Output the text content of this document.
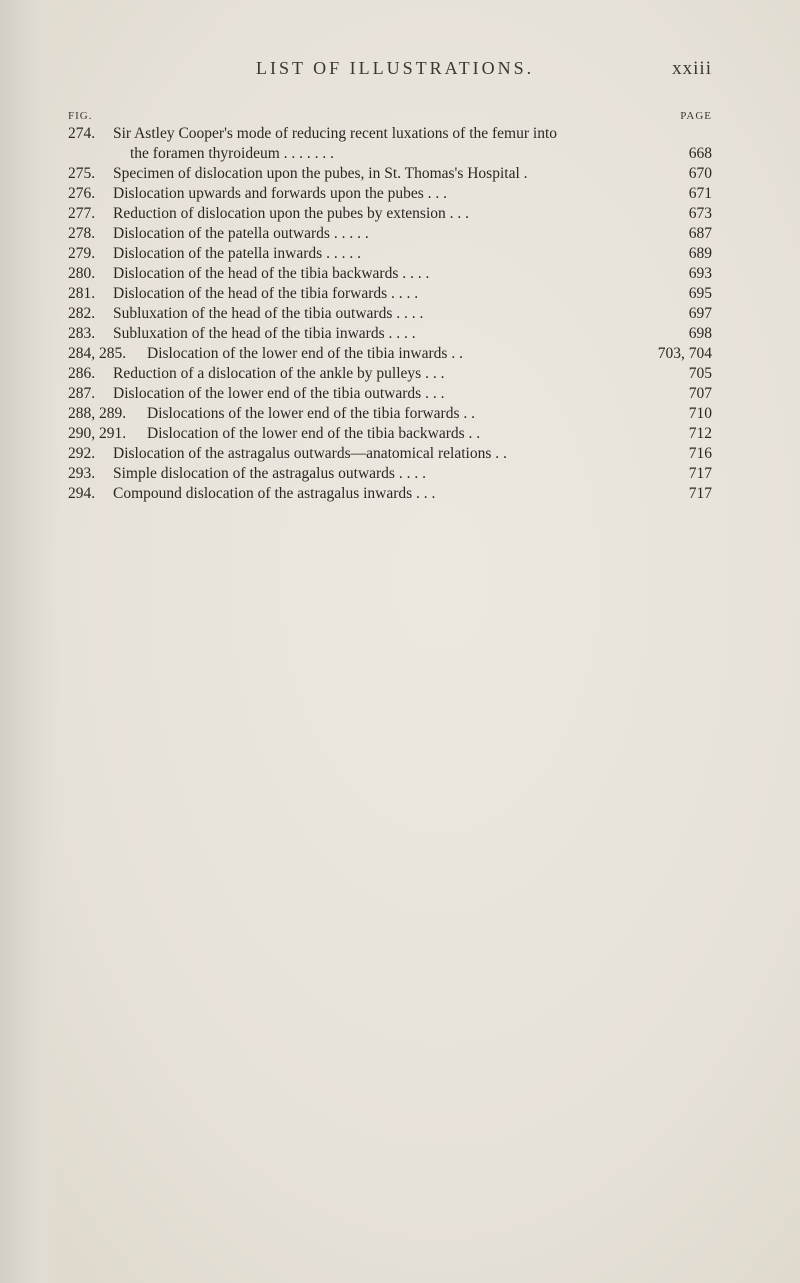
LIST OF ILLUSTRATIONS.	xxiii
FIG.	PAGE
274. Sir Astley Cooper's mode of reducing recent luxations of the femur into
the foramen thyroideum . . . . . . .	668
275. Specimen of dislocation upon the pubes, in St. Thomas's Hospital .	670
276. Dislocation upwards and forwards upon the pubes . . .	671
277. Reduction of dislocation upon the pubes by extension . . .	673
278. Dislocation of the patella outwards . . . . .	687
279. Dislocation of the patella inwards . . . . .	689
280. Dislocation of the head of the tibia backwards . . . .	693
281. Dislocation of the head of the tibia forwards . . . .	695
282. Subluxation of the head of the tibia outwards . . . .	697
283. Subluxation of the head of the tibia inwards . . . .	698
284, 285. Dislocation of the lower end of the tibia inwards . .	703, 704
286. Reduction of a dislocation of the ankle by pulleys . . .	705
287. Dislocation of the lower end of the tibia outwards . . .	707
288, 289. Dislocations of the lower end of the tibia forwards . .	710
290, 291. Dislocation of the lower end of the tibia backwards . .	712
292. Dislocation of the astragalus outwards—anatomical relations . .	716
293. Simple dislocation of the astragalus outwards . . . .	717
294. Compound dislocation of the astragalus inwards . . .	717
